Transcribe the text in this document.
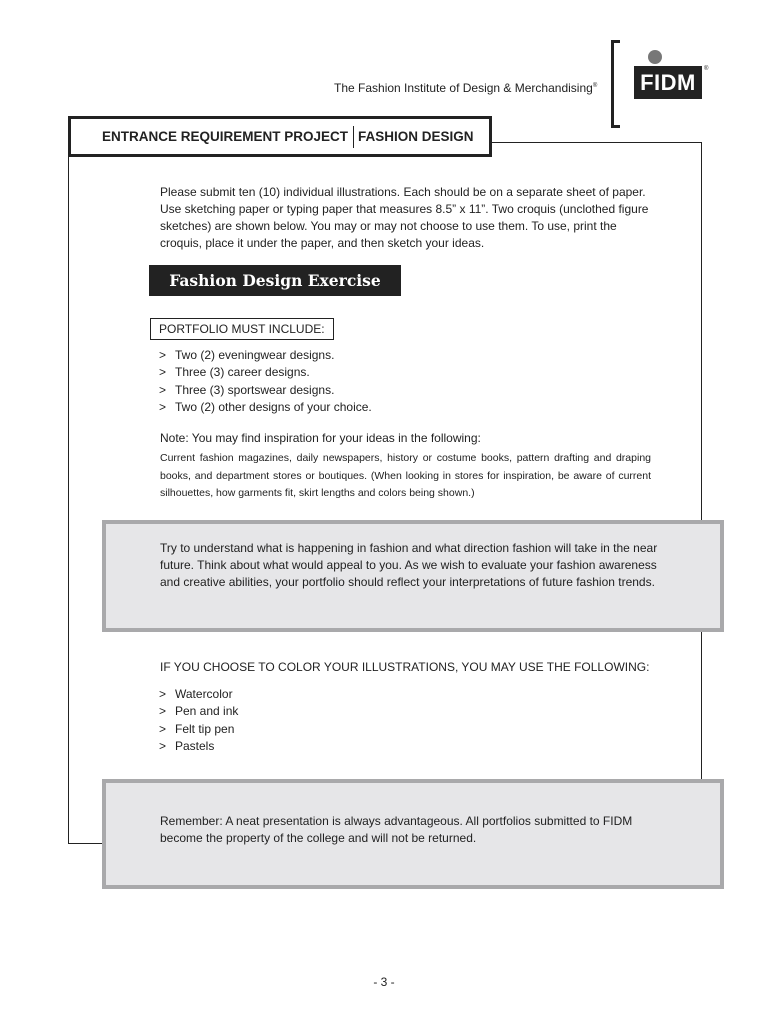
The Fashion Institute of Design & Merchandising® FIDM
®
ENTRANCE REQUIREMENT PROJECT FASHION DESIGN
Please submit ten (10) individual illustrations. Each should be on a separate sheet of paper. Use sketching paper or typing paper that measures 8.5” x 11”. Two croquis (unclothed figure sketches) are shown below. You may or may not choose to use them. To use, print the croquis, place it under the paper, and then sketch your ideas.
Fashion Design Exercise
PORTFOLIO MUST INCLUDE:
> Two (2) eveningwear designs.
> Three (3) career designs.
> Three (3) sportswear designs.
> Two (2) other designs of your choice.
Note: You may find inspiration for your ideas in the following:
Current fashion magazines, daily newspapers, history or costume books, pattern drafting and draping books, and department stores or boutiques. (When looking in stores for inspiration, be aware of current silhouettes, how garments fit, skirt lengths and colors being shown.)
Try to understand what is happening in fashion and what direction fashion will take in the near future. Think about what would appeal to you. As we wish to evaluate your fashion awareness and creative abilities, your portfolio should reflect your interpretations of future fashion trends.
IF YOU CHOOSE TO COLOR YOUR ILLUSTRATIONS, YOU MAY USE THE FOLLOWING:
> Watercolor
> Pen and ink
> Felt tip pen
> Pastels
Remember: A neat presentation is always advantageous. All portfolios submitted to FIDM become the property of the college and will not be returned.
- 3 -
